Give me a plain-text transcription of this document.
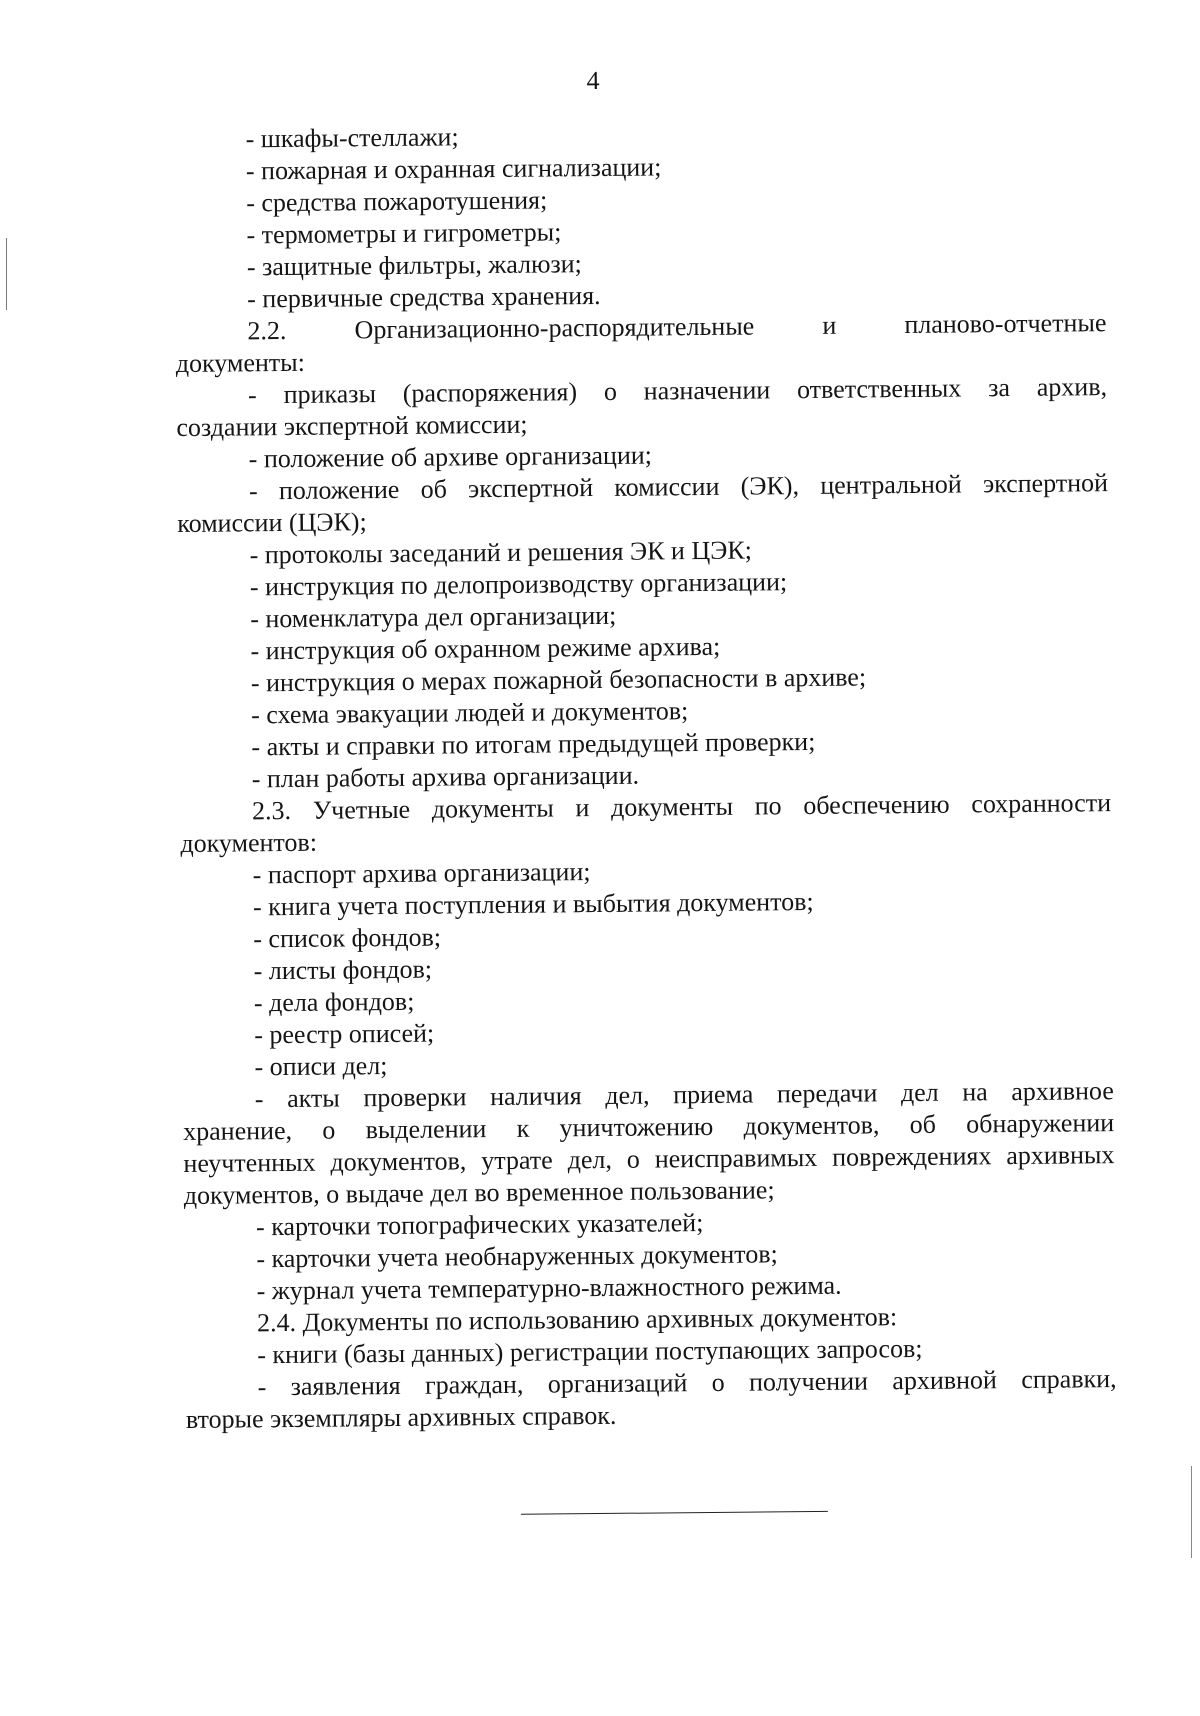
4
- шкафы-стеллажи;
- пожарная и охранная сигнализации;
- средства пожаротушения;
- термометры и гигрометры;
- защитные фильтры, жалюзи;
- первичные средства хранения.
2.2.	Организационно-распорядительные	и	планово-отчетные
документы:
- приказы (распоряжения) о назначении ответственных за архив,
создании экспертной комиссии;
- положение об архиве организации;
- положение об экспертной комиссии (ЭК), центральной экспертной
комиссии (ЦЭК);
- протоколы заседаний и решения ЭК и ЦЭК;
- инструкция по делопроизводству организации;
- номенклатура дел организации;
- инструкция об охранном режиме архива;
- инструкция о мерах пожарной безопасности в архиве;
- схема эвакуации людей и документов;
- акты и справки по итогам предыдущей проверки;
- план работы архива организации.
2.3. Учетные документы и документы по обеспечению сохранности
документов:
- паспорт архива организации;
- книга учета поступления и выбытия документов;
- список фондов;
- листы фондов;
- дела фондов;
- реестр описей;
- описи дел;
- акты проверки наличия дел, приема передачи дел на архивное
хранение, о выделении к уничтожению документов, об обнаружении
неучтенных документов, утрате дел, о неисправимых повреждениях архивных
документов, о выдаче дел во временное пользование;
- карточки топографических указателей;
- карточки учета необнаруженных документов;
- журнал учета температурно-влажностного режима.
2.4. Документы по использованию архивных документов:
- книги (базы данных) регистрации поступающих запросов;
- заявления граждан, организаций о получении архивной справки,
вторые экземпляры архивных справок.
